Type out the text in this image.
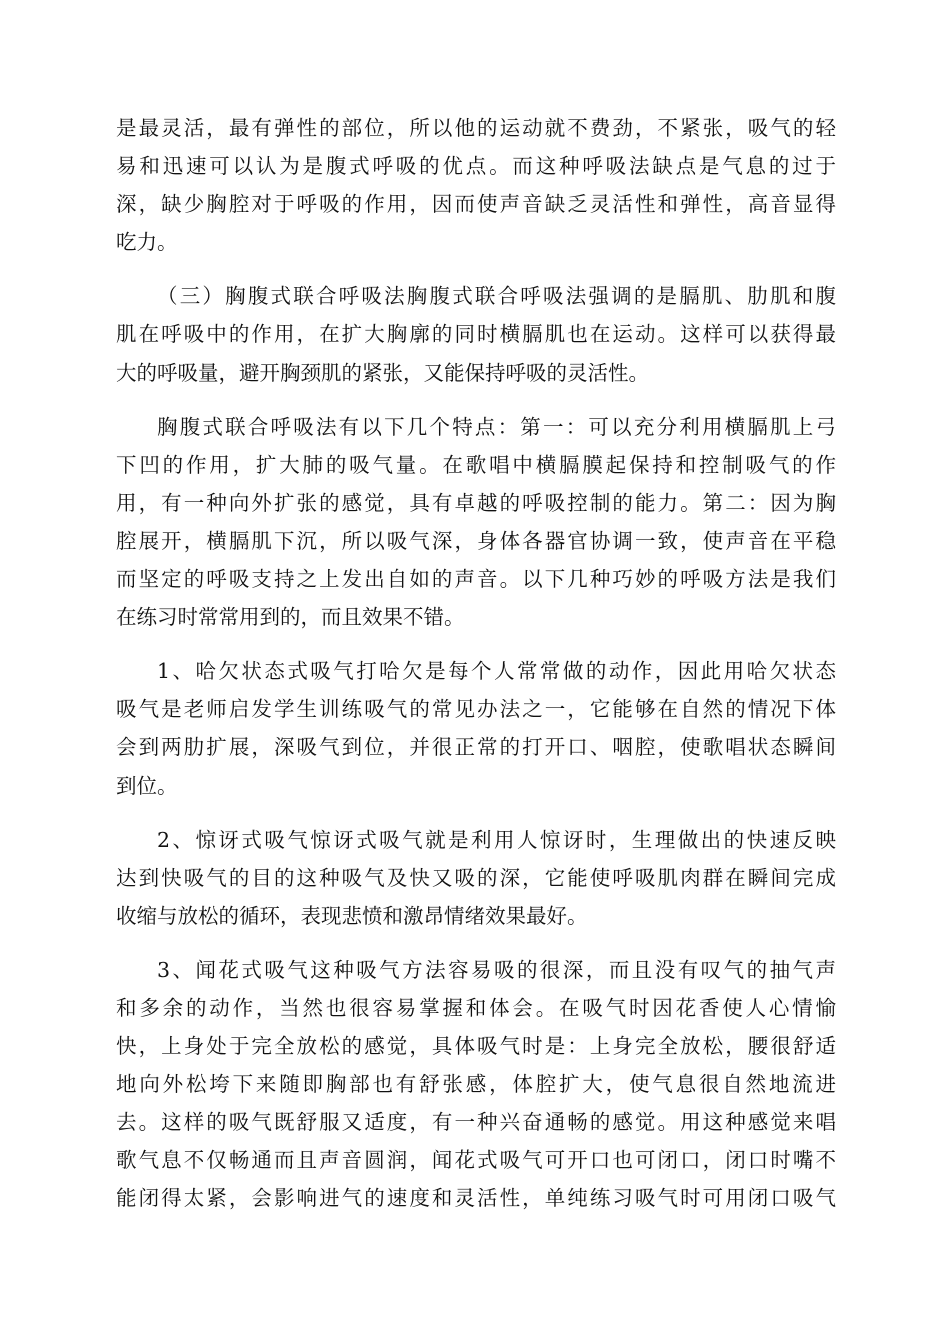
是最灵活，最有弹性的部位，所以他的运动就不费劲，不紧张，吸气的轻
易和迅速可以认为是腹式呼吸的优点。而这种呼吸法缺点是气息的过于
深，缺少胸腔对于呼吸的作用，因而使声音缺乏灵活性和弹性，高音显得
吃力。
（三）胸腹式联合呼吸法胸腹式联合呼吸法强调的是膈肌、肋肌和腹
肌在呼吸中的作用，在扩大胸廓的同时横膈肌也在运动。这样可以获得最
大的呼吸量，避开胸颈肌的紧张，又能保持呼吸的灵活性。
胸腹式联合呼吸法有以下几个特点：第一：可以充分利用横膈肌上弓
下凹的作用，扩大肺的吸气量。在歌唱中横膈膜起保持和控制吸气的作
用，有一种向外扩张的感觉，具有卓越的呼吸控制的能力。第二：因为胸
腔展开，横膈肌下沉，所以吸气深，身体各器官协调一致，使声音在平稳
而坚定的呼吸支持之上发出自如的声音。以下几种巧妙的呼吸方法是我们
在练习时常常用到的，而且效果不错。
1、哈欠状态式吸气打哈欠是每个人常常做的动作，因此用哈欠状态
吸气是老师启发学生训练吸气的常见办法之一，它能够在自然的情况下体
会到两肋扩展，深吸气到位，并很正常的打开口、咽腔，使歌唱状态瞬间
到位。
2、惊讶式吸气惊讶式吸气就是利用人惊讶时，生理做出的快速反映
达到快吸气的目的这种吸气及快又吸的深，它能使呼吸肌肉群在瞬间完成
收缩与放松的循环，表现悲愤和激昂情绪效果最好。
3、闻花式吸气这种吸气方法容易吸的很深，而且没有叹气的抽气声
和多余的动作，当然也很容易掌握和体会。在吸气时因花香使人心情愉
快，上身处于完全放松的感觉，具体吸气时是：上身完全放松，腰很舒适
地向外松垮下来随即胸部也有舒张感，体腔扩大，使气息很自然地流进
去。这样的吸气既舒服又适度，有一种兴奋通畅的感觉。用这种感觉来唱
歌气息不仅畅通而且声音圆润，闻花式吸气可开口也可闭口，闭口时嘴不
能闭得太紧，会影响进气的速度和灵活性，单纯练习吸气时可用闭口吸气
